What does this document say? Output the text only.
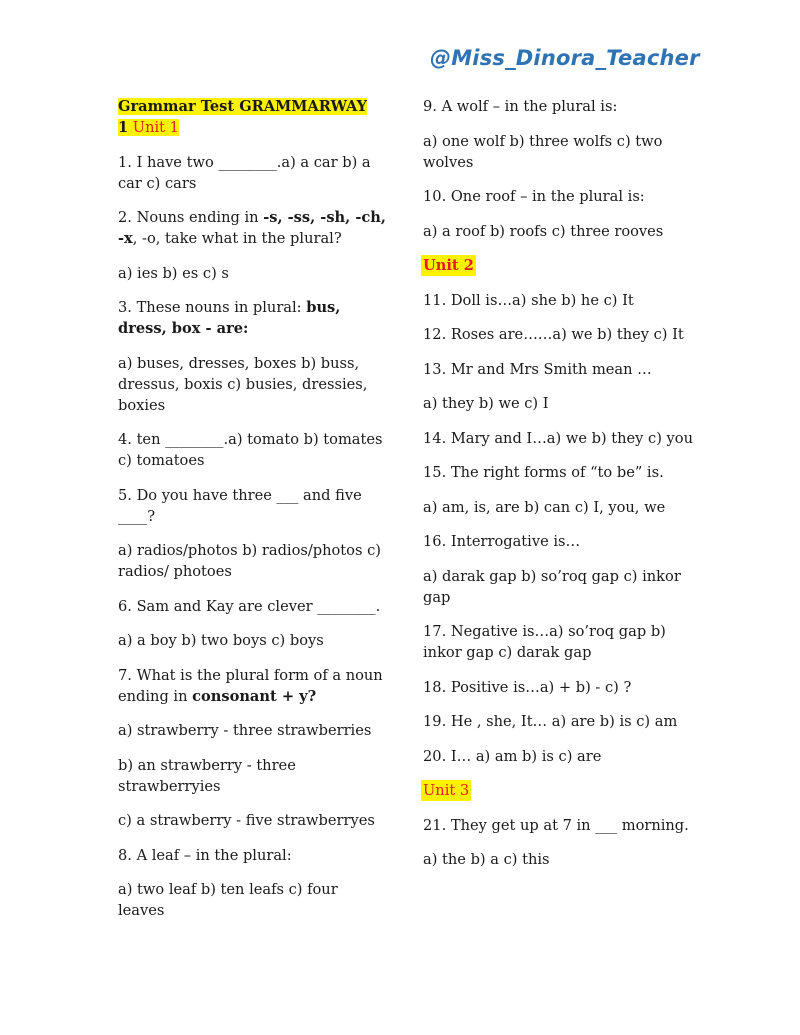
@Miss_Dinora_Teacher

Grammar Test GRAMMARWAY
1 Unit 1

1. I have two ________.a) a car b) a car c) cars

2. Nouns ending in -s, -ss, -sh, -ch, -x, -o, take what in the plural?

a) ies b) es c) s

3. These nouns in plural: bus, dress, box - are:

a) buses, dresses, boxes b) buss, dressus, boxis c) busies, dressies, boxies

4. ten ________.a) tomato b) tomates c) tomatoes

5. Do you have three ___ and five ____?

a) radios/photos b) radios/photos c) radios/ photoes

6. Sam and Kay are clever ________.

a) a boy b) two boys c) boys

7. What is the plural form of a noun ending in consonant + y?

a) strawberry - three strawberries

b) an strawberry - three strawberryies

c) a strawberry - five strawberryes

8. A leaf – in the plural:

a) two leaf b) ten leafs c) four leaves

9. A wolf – in the plural is:

a) one wolf b) three wolfs c) two wolves

10. One roof – in the plural is:

a) a roof b) roofs c) three rooves

Unit 2

11. Doll is…a) she b) he c) It

12. Roses are……a) we b) they c) It

13. Mr and Mrs Smith mean …

a) they b) we c) I

14. Mary and I…a) we b) they c) you

15. The right forms of “to be” is.

a) am, is, are b) can c) I, you, we

16. Interrogative is…

a) darak gap b) so’roq gap c) inkor gap

17. Negative is…a) so’roq gap b) inkor gap c) darak gap

18. Positive is…a) + b) - c) ?

19. He , she, It… a) are b) is c) am

20. I… a) am b) is c) are

Unit 3

21. They get up at 7 in ___ morning.

a) the b) a c) this
